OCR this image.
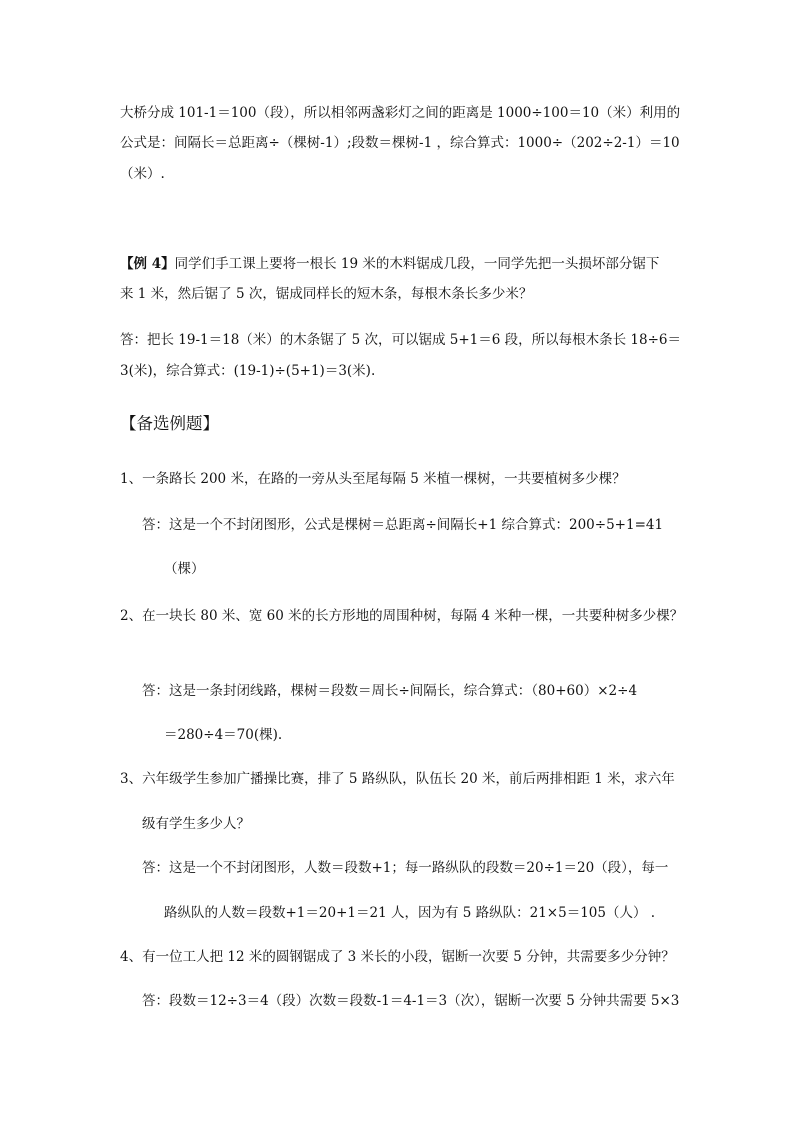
大桥分成 101-1＝100（段），所以相邻两盏彩灯之间的距离是 1000÷100＝10（米）利用的
公式是：间隔长＝总距离÷（棵树-1）;段数＝棵树-1 ，综合算式：1000÷（202÷2-1）＝10
（米）.
【例 4】同学们手工课上要将一根长 19 米的木料锯成几段，一同学先把一头损坏部分锯下
来 1 米，然后锯了 5 次，锯成同样长的短木条，每根木条长多少米？
答：把长 19-1＝18（米）的木条锯了 5 次，可以锯成 5+1＝6 段，所以每根木条长 18÷6＝
3(米)，综合算式：(19-1)÷(5+1)＝3(米).
【备选例题】
1、一条路长 200 米，在路的一旁从头至尾每隔 5 米植一棵树，一共要植树多少棵？
答：这是一个不封闭图形，公式是棵树＝总距离÷间隔长+1 综合算式：200÷5+1=41
（棵）
2、在一块长 80 米、宽 60 米的长方形地的周围种树，每隔 4 米种一棵，一共要种树多少棵？
答：这是一条封闭线路，棵树＝段数＝周长÷间隔长，综合算式：（80+60）×2÷4
＝280÷4＝70(棵).
3、六年级学生参加广播操比赛，排了 5 路纵队，队伍长 20 米，前后两排相距 1 米，求六年
级有学生多少人？
答：这是一个不封闭图形，人数＝段数+1；每一路纵队的段数＝20÷1＝20（段），每一
路纵队的人数＝段数+1＝20+1＝21 人，因为有 5 路纵队：21×5＝105（人） .
4、有一位工人把 12 米的圆钢锯成了 3 米长的小段，锯断一次要 5 分钟，共需要多少分钟？
答：段数＝12÷3＝4（段）次数＝段数-1＝4-1＝3（次），锯断一次要 5 分钟共需要 5×3
